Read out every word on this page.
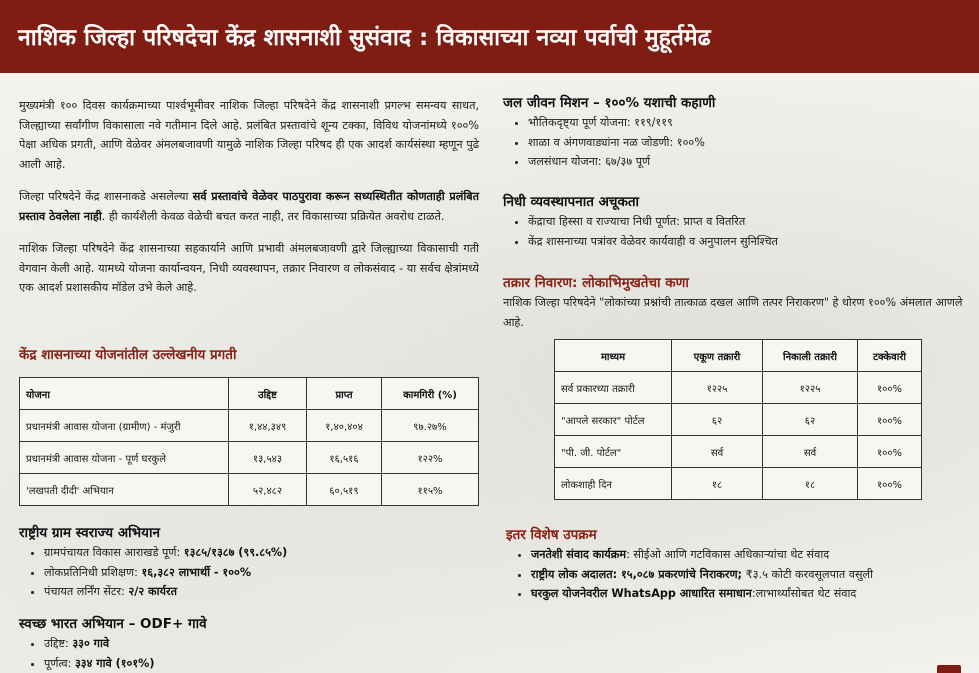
नाशिक जिल्हा परिषदेचा केंद्र शासनाशी सुसंवाद : विकासाच्या नव्या पर्वाची मुहूर्तमेढ

मुख्यमंत्री १०० दिवस कार्यक्रमाच्या पार्श्वभूमीवर नाशिक जिल्हा परिषदेने केंद्र शासनाशी प्रगल्भ समन्वय साधत, जिल्ह्याच्या सर्वांगीण विकासाला नवे गतीमान दिले आहे. प्रलंबित प्रस्तावांचे शून्य टक्का, विविध योजनांमध्ये १००% पेक्षा अधिक प्रगती, आणि वेळेवर अंमलबजावणी यामुळे नाशिक जिल्हा परिषद ही एक आदर्श कार्यसंस्था म्हणून पुढे आली आहे.

जिल्हा परिषदेने केंद्र शासनाकडे असलेल्या सर्व प्रस्तावांचे वेळेवर पाठपुरावा करून सध्यस्थितीत कोणताही प्रलंबित प्रस्ताव ठेवलेला नाही. ही कार्यशैली केवळ वेळेची बचत करत नाही, तर विकासाच्या प्रक्रियेत अवरोध टाळते.

नाशिक जिल्हा परिषदेने केंद्र शासनाच्या सहकार्याने आणि प्रभावी अंमलबजावणी द्वारे जिल्ह्याच्या विकासाची गती वेगवान केली आहे. यामध्ये योजना कार्यान्वयन, निधी व्यवस्थापन, तक्रार निवारण व लोकसंवाद - या सर्वच क्षेत्रांमध्ये एक आदर्श प्रशासकीय मॉडेल उभे केले आहे.

केंद्र शासनाच्या योजनांतील उल्लेखनीय प्रगती
योजना	उद्दिष्ट	प्राप्त	कामगिरी (%)
प्रधानमंत्री आवास योजना (ग्रामीण) - मंजुरी	१,४४,३४९	१,४०,४०४	९७.२७%
प्रधानमंत्री आवास योजना - पूर्ण घरकुले	१३,५४३	१६,५१६	१२२%
'लखपती दीदी' अभियान	५२,४८२	६०,५१९	११५%
राष्ट्रीय ग्राम स्वराज्य अभियान
• ग्रामपंचायत विकास आराखडे पूर्ण: १३८५/१३८७ (९९.८५%)
• लोकप्रतिनिधी प्रशिक्षण: १६,३८२ लाभार्थी - १००%
• पंचायत लर्निंग सेंटर: २/२ कार्यरत
स्वच्छ भारत अभियान – ODF+ गावे
• उद्दिष्ट: ३३० गावे
• पूर्णत्व: ३३४ गावे (१०१%)
जल जीवन मिशन – १००% यशाची कहाणी
• भौतिकदृष्ट्या पूर्ण योजना: ११९/११९
• शाळा व अंगणवाड्यांना नळ जोडणी: १००%
• जलसंधान योजना: ६७/३७ पूर्ण
निधी व्यवस्थापनात अचूकता
• केंद्राचा हिस्सा व राज्याचा निधी पूर्णत: प्राप्त व वितरित
• केंद्र शासनाच्या पत्रांवर वेळेवर कार्यवाही व अनुपालन सुनिश्चित
तक्रार निवारण: लोकाभिमुखतेचा कणा

नाशिक जिल्हा परिषदेने "लोकांच्या प्रश्नांची तात्काळ दखल आणि तत्पर निराकरण" हे धोरण १००% अंमलात आणले आहे.

माध्यम	एकूण तक्रारी	निकाली तक्रारी	टक्केवारी
सर्व प्रकारच्या तक्रारी	१२२५	१२२५	१००%
"आपले सरकार" पोर्टल	६२	६२	१००%
"पी. जी. पोर्टल"	सर्व	सर्व	१००%
लोकशाही दिन	१८	१८	१००%
इतर विशेष उपक्रम
• जनतेशी संवाद कार्यक्रम: सीईओ आणि गटविकास अधिकाऱ्यांचा थेट संवाद
• राष्ट्रीय लोक अदालत: १५,०८७ प्रकरणांचे निराकरण; ₹३.५ कोटी करवसूलपात वसुली
• घरकुल योजनेवरील WhatsApp आधारित समाधान:लाभार्थ्यांसोबत थेट संवाद
